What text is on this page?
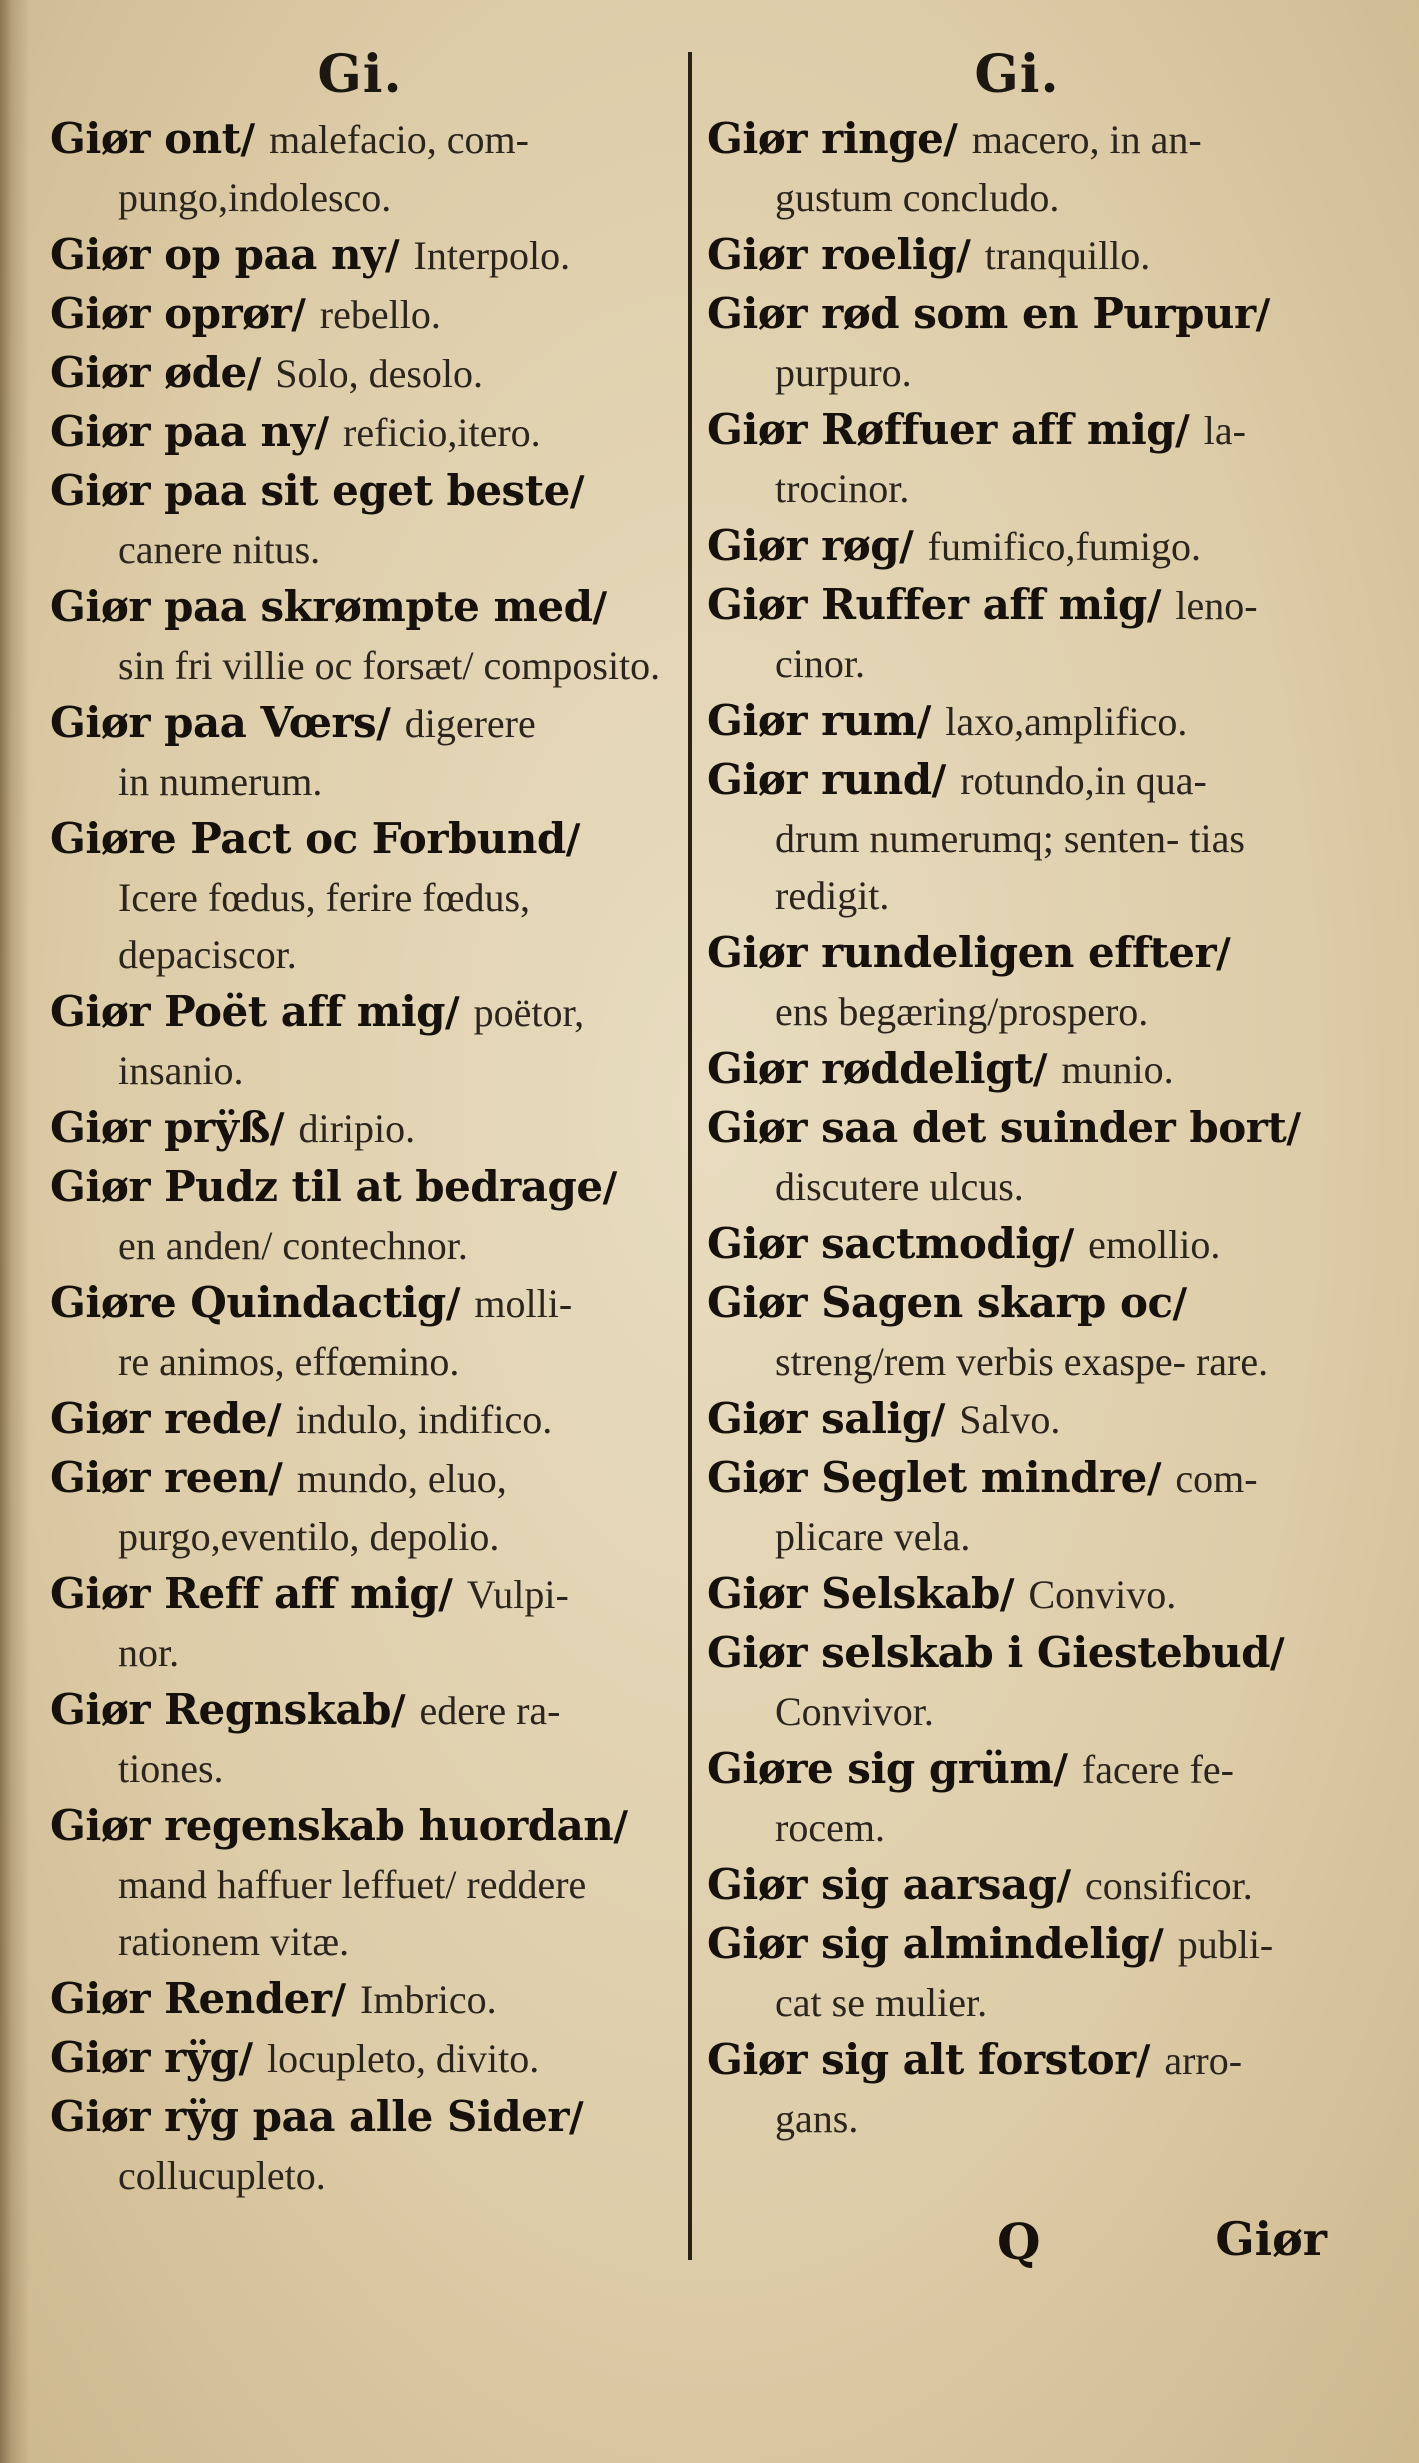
Gi.
Giør ont/ malefacio, com-
pungo,indolesco.
Giør op paa ny/ Interpolo.
Giør oprør/ rebello.
Giør øde/ Solo, desolo.
Giør paa ny/ reficio,itero.
Giør paa sit eget beste/
canere nitus.
Giør paa skrømpte med/
sin fri villie oc forsæt/ composito.
Giør paa Vœrs/ digerere
in numerum.
Giøre Pact oc Forbund/
Icere fœdus, ferire fœdus, depaciscor.
Giør Poët aff mig/ poëtor,
insanio.
Giør prÿß/ diripio.
Giør Pudz til at bedrage/
en anden/ contechnor.
Giøre Quindactig/ molli-
re animos, effœmino.
Giør rede/ indulo, indifico.
Giør reen/ mundo, eluo,
purgo,eventilo, depolio.
Giør Reff aff mig/ Vulpi-
nor.
Giør Regnskab/ edere ra-
tiones.
Giør regenskab huordan/
mand haffuer leffuet/ reddere rationem vitæ.
Giør Render/ Imbrico.
Giør rÿg/ locupleto, divito.
Giør rÿg paa alle Sider/
collucupleto.
Gi.
Giør ringe/ macero, in an-
gustum concludo.
Giør roelig/ tranquillo.
Giør rød som en Purpur/
purpuro.
Giør Røffuer aff mig/ la-
trocinor.
Giør røg/ fumifico,fumigo.
Giør Ruffer aff mig/ leno-
cinor.
Giør rum/ laxo,amplifico.
Giør rund/ rotundo,in qua-
drum numerumq; senten- tias redigit.
Giør rundeligen effter/
ens begæring/prospero.
Giør røddeligt/ munio.
Giør saa det suinder bort/
discutere ulcus.
Giør sactmodig/ emollio.
Giør Sagen skarp oc/
streng/rem verbis exaspe- rare.
Giør salig/ Salvo.
Giør Seglet mindre/ com-
plicare vela.
Giør Selskab/ Convivo.
Giør selskab i Giestebud/
Convivor.
Giøre sig grüm/ facere fe-
rocem.
Giør sig aarsag/ consificor.
Giør sig almindelig/ publi-
cat se mulier.
Giør sig alt forstor/ arro-
gans.
Q	Giør
